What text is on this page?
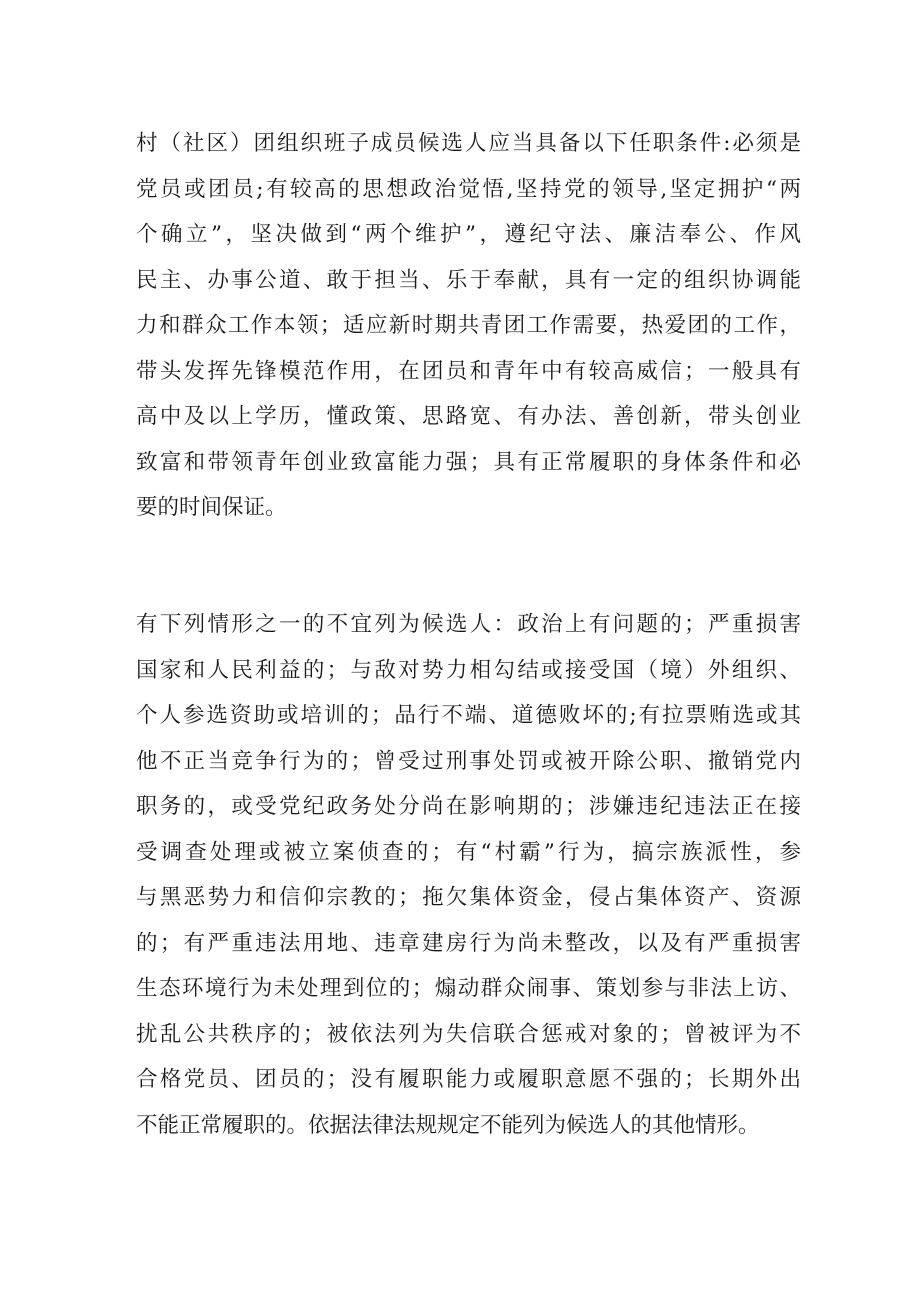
村（社区）团组织班子成员候选人应当具备以下任职条件:必须是
党员或团员;有较高的思想政治觉悟,坚持党的领导,坚定拥护“两
个确立”，坚决做到“两个维护”，遵纪守法、廉洁奉公、作风
民主、办事公道、敢于担当、乐于奉献，具有一定的组织协调能
力和群众工作本领；适应新时期共青团工作需要，热爱团的工作，
带头发挥先锋模范作用，在团员和青年中有较高威信；一般具有
高中及以上学历，懂政策、思路宽、有办法、善创新，带头创业
致富和带领青年创业致富能力强；具有正常履职的身体条件和必
要的时间保证。
有下列情形之一的不宜列为候选人：政治上有问题的；严重损害
国家和人民利益的；与敌对势力相勾结或接受国（境）外组织、
个人参选资助或培训的；品行不端、道德败坏的;有拉票贿选或其
他不正当竞争行为的；曾受过刑事处罚或被开除公职、撤销党内
职务的，或受党纪政务处分尚在影响期的；涉嫌违纪违法正在接
受调查处理或被立案侦查的；有“村霸”行为，搞宗族派性，参
与黑恶势力和信仰宗教的；拖欠集体资金，侵占集体资产、资源
的；有严重违法用地、违章建房行为尚未整改，以及有严重损害
生态环境行为未处理到位的；煽动群众闹事、策划参与非法上访、
扰乱公共秩序的；被依法列为失信联合惩戒对象的；曾被评为不
合格党员、团员的；没有履职能力或履职意愿不强的；长期外出
不能正常履职的。依据法律法规规定不能列为候选人的其他情形。
